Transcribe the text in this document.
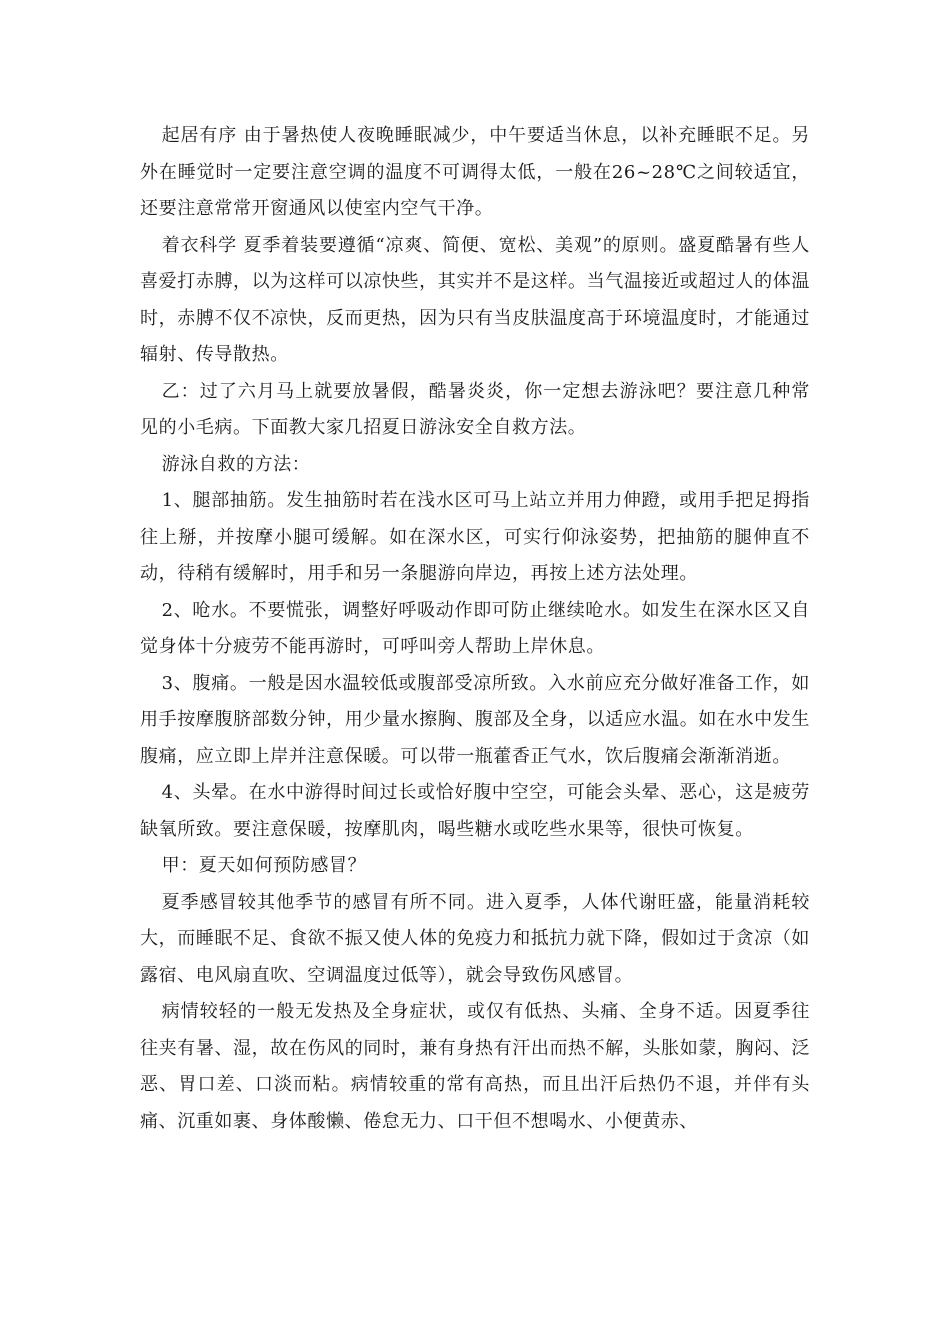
起居有序 由于暑热使人夜晚睡眠减少，中午要适当休息，以补充睡眠不足。另外在睡觉时一定要注意空调的温度不可调得太低，一般在26~28℃之间较适宜，还要注意常常开窗通风以使室内空气干净。

着衣科学 夏季着装要遵循“凉爽、简便、宽松、美观”的原则。盛夏酷暑有些人喜爱打赤膊，以为这样可以凉快些，其实并不是这样。当气温接近或超过人的体温时，赤膊不仅不凉快，反而更热，因为只有当皮肤温度高于环境温度时，才能通过辐射、传导散热。

乙：过了六月马上就要放暑假，酷暑炎炎，你一定想去游泳吧？要注意几种常见的小毛病。下面教大家几招夏日游泳安全自救方法。

游泳自救的方法：

1、腿部抽筋。发生抽筋时若在浅水区可马上站立并用力伸蹬，或用手把足拇指往上掰，并按摩小腿可缓解。如在深水区，可实行仰泳姿势，把抽筋的腿伸直不动，待稍有缓解时，用手和另一条腿游向岸边，再按上述方法处理。

2、呛水。不要慌张，调整好呼吸动作即可防止继续呛水。如发生在深水区又自觉身体十分疲劳不能再游时，可呼叫旁人帮助上岸休息。

3、腹痛。一般是因水温较低或腹部受凉所致。入水前应充分做好准备工作，如用手按摩腹脐部数分钟，用少量水擦胸、腹部及全身，以适应水温。如在水中发生腹痛，应立即上岸并注意保暖。可以带一瓶藿香正气水，饮后腹痛会渐渐消逝。

4、头晕。在水中游得时间过长或恰好腹中空空，可能会头晕、恶心，这是疲劳缺氧所致。要注意保暖，按摩肌肉，喝些糖水或吃些水果等，很快可恢复。

甲：夏天如何预防感冒？

夏季感冒较其他季节的感冒有所不同。进入夏季，人体代谢旺盛，能量消耗较大，而睡眠不足、食欲不振又使人体的免疫力和抵抗力就下降，假如过于贪凉（如露宿、电风扇直吹、空调温度过低等），就会导致伤风感冒。

病情较轻的一般无发热及全身症状，或仅有低热、头痛、全身不适。因夏季往往夹有暑、湿，故在伤风的同时，兼有身热有汗出而热不解，头胀如蒙，胸闷、泛恶、胃口差、口淡而粘。病情较重的常有高热，而且出汗后热仍不退，并伴有头痛、沉重如裹、身体酸懒、倦怠无力、口干但不想喝水、小便黄赤、
